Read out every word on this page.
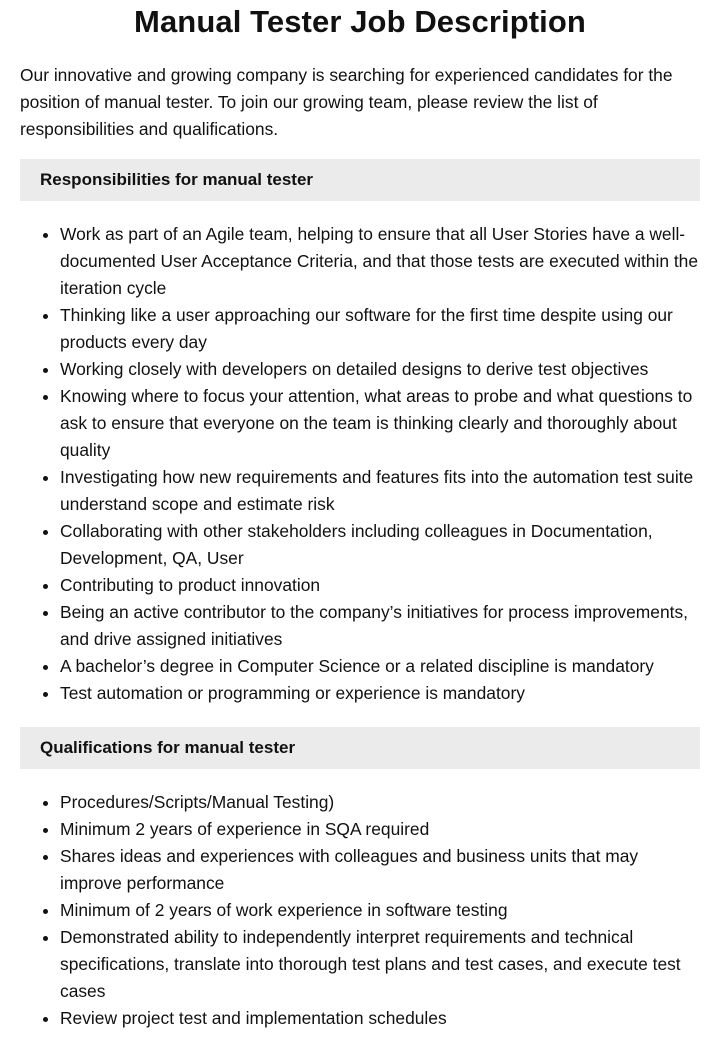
Manual Tester Job Description

Our innovative and growing company is searching for experienced candidates for the position of manual tester. To join our growing team, please review the list of responsibilities and qualifications.

Responsibilities for manual tester
• Work as part of an Agile team, helping to ensure that all User Stories have a well-documented User Acceptance Criteria, and that those tests are executed within the iteration cycle
• Thinking like a user approaching our software for the first time despite using our products every day
• Working closely with developers on detailed designs to derive test objectives
• Knowing where to focus your attention, what areas to probe and what questions to ask to ensure that everyone on the team is thinking clearly and thoroughly about quality
• Investigating how new requirements and features fits into the automation test suite understand scope and estimate risk
• Collaborating with other stakeholders including colleagues in Documentation, Development, QA, User
• Contributing to product innovation
• Being an active contributor to the company’s initiatives for process improvements, and drive assigned initiatives
• A bachelor’s degree in Computer Science or a related discipline is mandatory
• Test automation or programming or experience is mandatory
Qualifications for manual tester
• Procedures/Scripts/Manual Testing)
• Minimum 2 years of experience in SQA required
• Shares ideas and experiences with colleagues and business units that may improve performance
• Minimum of 2 years of work experience in software testing
• Demonstrated ability to independently interpret requirements and technical specifications, translate into thorough test plans and test cases, and execute test cases
• Review project test and implementation schedules
